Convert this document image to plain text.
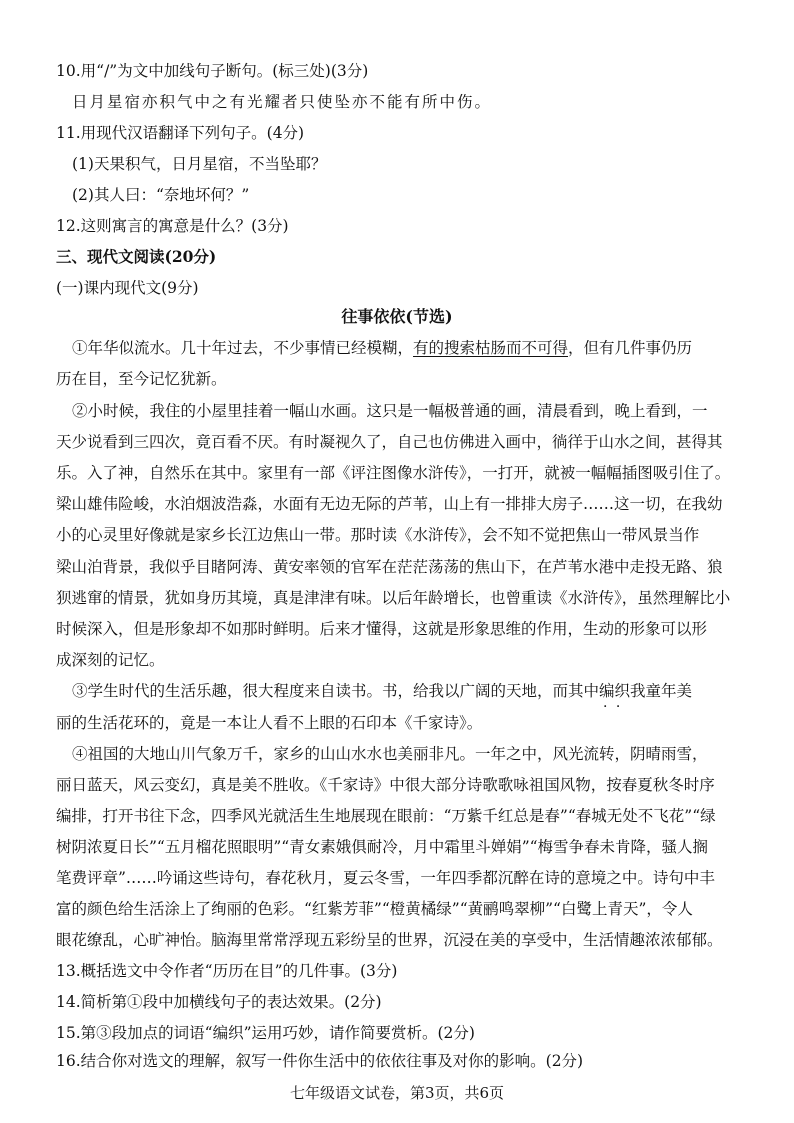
10.用“/”为文中加线句子断句。(标三处)(3分)
日月星宿亦积气中之有光耀者只使坠亦不能有所中伤。
11.用现代汉语翻译下列句子。(4分)
(1)天果积气，日月星宿，不当坠耶？
(2)其人曰：“奈地坏何？”
12.这则寓言的寓意是什么？(3分)
三、现代文阅读(20分)
(一)课内现代文(9分)
往事依依(节选)
①年华似流水。几十年过去，不少事情已经模糊，有的搜索枯肠而不可得，但有几件事仍历
历在目，至今记忆犹新。
②小时候，我住的小屋里挂着一幅山水画。这只是一幅极普通的画，清晨看到，晚上看到，一
天少说看到三四次，竟百看不厌。有时凝视久了，自己也仿佛进入画中，徜徉于山水之间，甚得其
乐。入了神，自然乐在其中。家里有一部《评注图像水浒传》，一打开，就被一幅幅插图吸引住了。
梁山雄伟险峻，水泊烟波浩淼，水面有无边无际的芦苇，山上有一排排大房子……这一切，在我幼
小的心灵里好像就是家乡长江边焦山一带。那时读《水浒传》，会不知不觉把焦山一带风景当作
梁山泊背景，我似乎目睹阿涛、黄安率领的官军在茫茫荡荡的焦山下，在芦苇水港中走投无路、狼
狈逃窜的情景，犹如身历其境，真是津津有味。以后年龄增长，也曾重读《水浒传》，虽然理解比小
时候深入，但是形象却不如那时鲜明。后来才懂得，这就是形象思维的作用，生动的形象可以形
成深刻的记忆。
③学生时代的生活乐趣，很大程度来自读书。书，给我以广阔的天地，而其中编织 · ·我童年美
丽的生活花环的，竟是一本让人看不上眼的石印本《千家诗》。
④祖国的大地山川气象万千，家乡的山山水水也美丽非凡。一年之中，风光流转，阴晴雨雪，
丽日蓝天，风云变幻，真是美不胜收。《千家诗》中很大部分诗歌歌咏祖国风物，按春夏秋冬时序
编排，打开书往下念，四季风光就活生生地展现在眼前：“万紫千红总是春”“春城无处不飞花”“绿
树阴浓夏日长”“五月榴花照眼明”“青女素娥俱耐冷，月中霜里斗婵娟”“梅雪争春未肯降，骚人搁
笔费评章”……吟诵这些诗句，春花秋月，夏云冬雪，一年四季都沉醉在诗的意境之中。诗句中丰
富的颜色给生活涂上了绚丽的色彩。“红紫芳菲”“橙黄橘绿”“黄鹂鸣翠柳”“白鹭上青天”，令人
眼花缭乱，心旷神怡。脑海里常常浮现五彩纷呈的世界，沉浸在美的享受中，生活情趣浓浓郁郁。
13.概括选文中令作者“历历在目”的几件事。(3分)
14.简析第①段中加横线句子的表达效果。(2分)
15.第③段加点的词语“编织”运用巧妙，请作简要赏析。(2分)
16.结合你对选文的理解，叙写一件你生活中的依依往事及对你的影响。(2分)
七年级语文试卷，第3页，共6页
